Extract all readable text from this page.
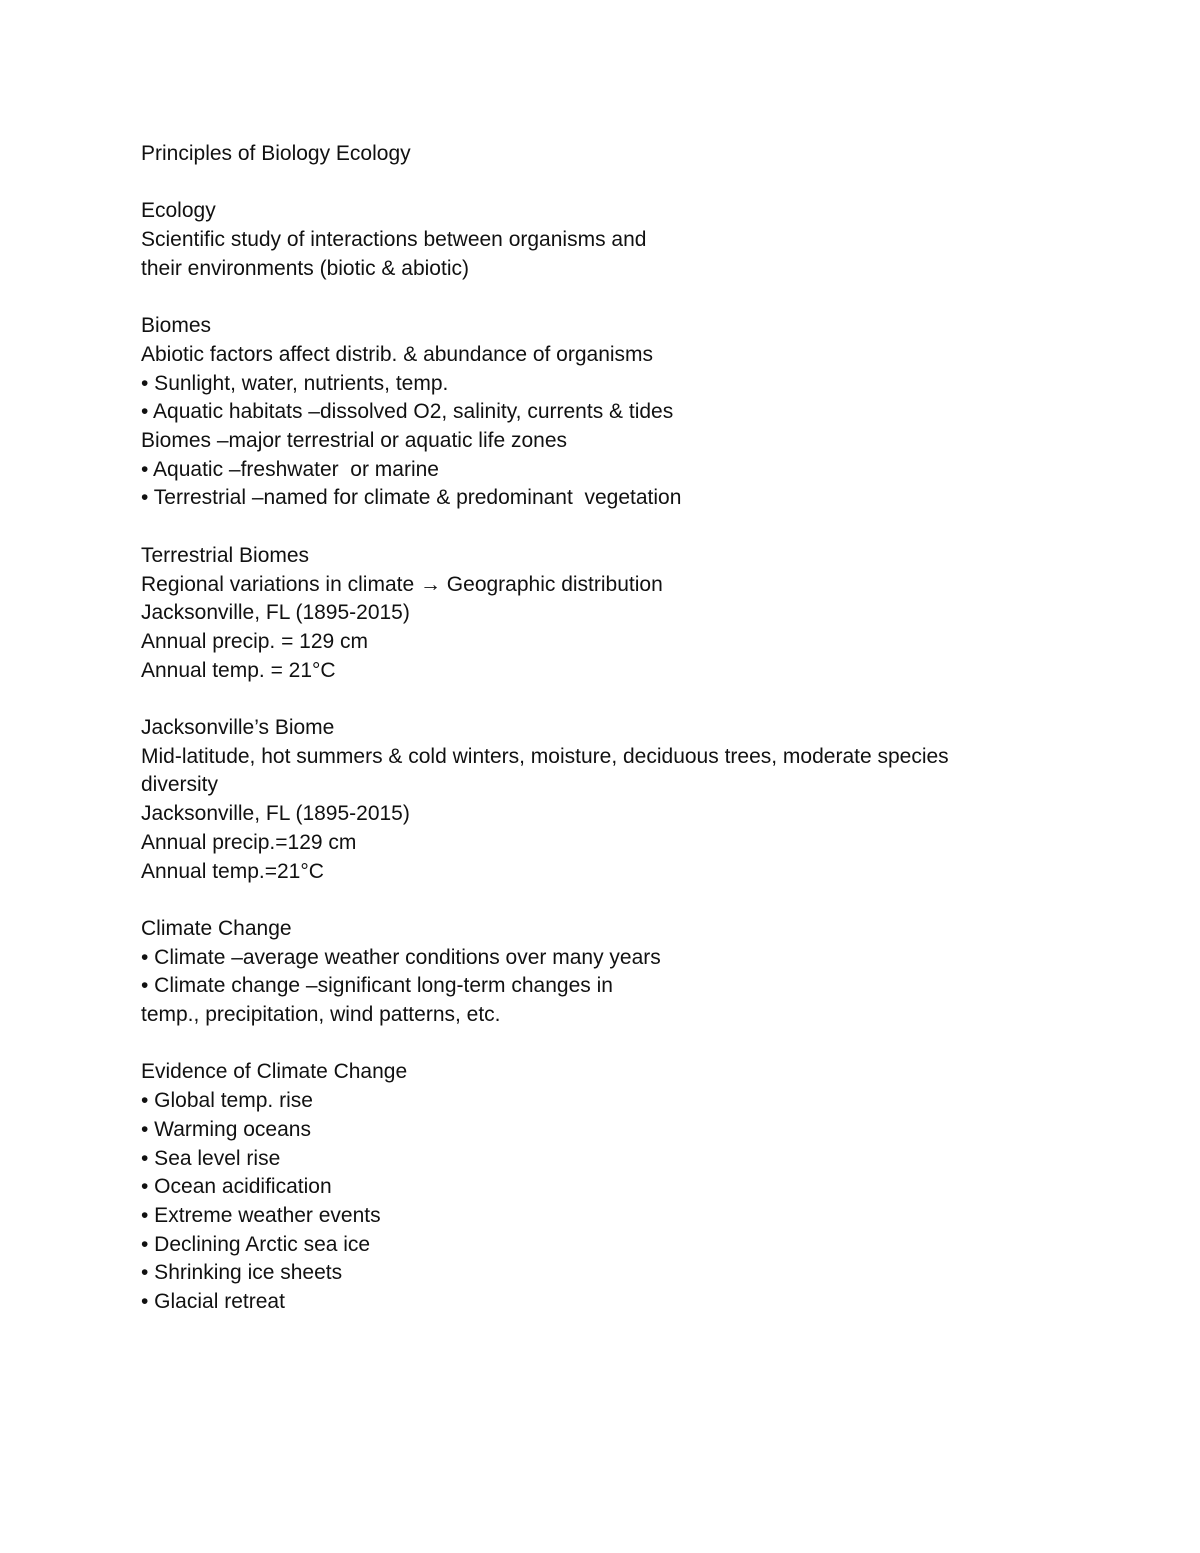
Principles of Biology Ecology
Ecology
Scientific study of interactions between organisms and
their environments (biotic & abiotic)
Biomes
Abiotic factors affect distrib. & abundance of organisms
• Sunlight, water, nutrients, temp.
• Aquatic habitats –dissolved O2, salinity, currents & tides
Biomes –major terrestrial or aquatic life zones
• Aquatic –freshwater  or marine
• Terrestrial –named for climate & predominant  vegetation
Terrestrial Biomes
Regional variations in climate → Geographic distribution
Jacksonville, FL (1895-2015)
Annual precip. = 129 cm
Annual temp. = 21°C
Jacksonville’s Biome
Mid-latitude, hot summers & cold winters, moisture, deciduous trees, moderate species
diversity
Jacksonville, FL (1895-2015)
Annual precip.=129 cm
Annual temp.=21°C
Climate Change
• Climate –average weather conditions over many years
• Climate change –significant long-term changes in
temp., precipitation, wind patterns, etc.
Evidence of Climate Change
• Global temp. rise
• Warming oceans
• Sea level rise
• Ocean acidification
• Extreme weather events
• Declining Arctic sea ice
• Shrinking ice sheets
• Glacial retreat
